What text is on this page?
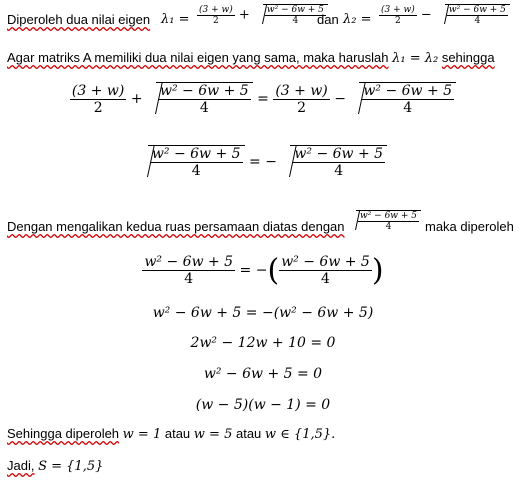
Diperoleh dua nilai eigen $\lambda_1 = \frac{(3 + w)}{2} + \frac{\text{w² − 6w + 5}}{4}$
dan $\lambda_2 = \frac{(3 + w)}{2} - \frac{\text{w² − 6w + 5}}{4}$
Agar matriks A memiliki dua nilai eigen yang sama, maka haruslah λ₁ = λ₂ sehingga
$\frac{(3 + w)}{2} + \frac{\text{w² − 6w + 5}}{4} = \frac{(3 + w)}{2} - \frac{\text{w² − 6w + 5}}{4}$
$\frac{\text{w² − 6w + 5}}{4}$ = − $\frac{\text{w² − 6w + 5}}{4}$
Dengan mengalikan kedua ruas persamaan diatas dengan $\frac{\text{w² − 6w + 5}}{4}$ maka diperoleh
$\frac{\text{w² − 6w + 5}}{4}$ = −( $\frac{\text{w² − 6w + 5}}{4}$ )
w² − 6w + 5 = −(w² − 6w + 5)
2w² − 12w + 10 = 0
w² − 6w + 5 = 0
(w − 5)(w − 1) = 0
Sehingga diperoleh w = 1 atau w = 5 atau w ∈ {1,5}.
Jadi, S = {1,5}
